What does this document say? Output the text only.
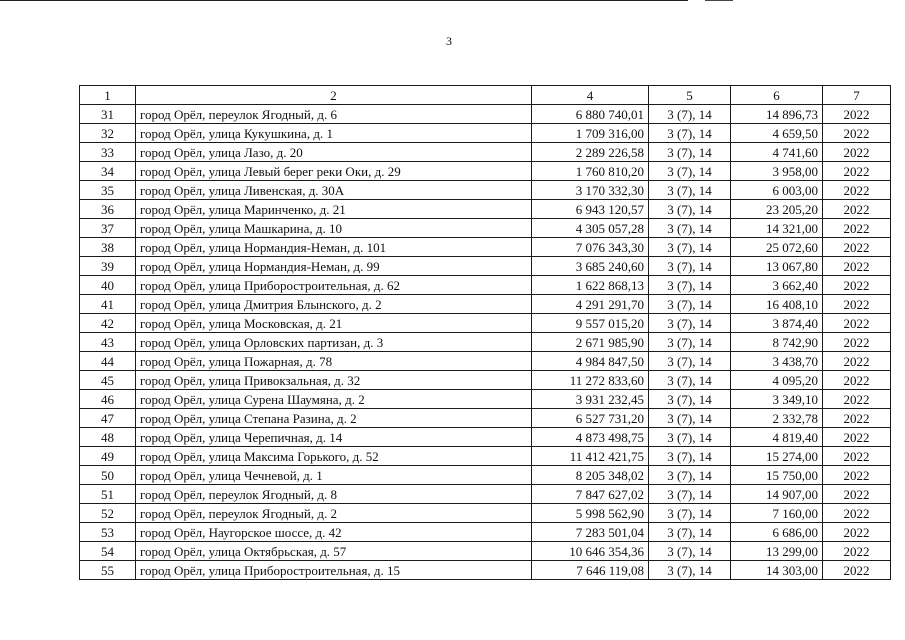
3
1	2	4	5	6	7
31	город Орёл, переулок Ягодный, д. 6	6 880 740,01	3 (7), 14	14 896,73	2022
32	город Орёл, улица Кукушкина, д. 1	1 709 316,00	3 (7), 14	4 659,50	2022
33	город Орёл, улица Лазо, д. 20	2 289 226,58	3 (7), 14	4 741,60	2022
34	город Орёл, улица Левый берег реки Оки, д. 29	1 760 810,20	3 (7), 14	3 958,00	2022
35	город Орёл, улица Ливенская, д. 30А	3 170 332,30	3 (7), 14	6 003,00	2022
36	город Орёл, улица Маринченко, д. 21	6 943 120,57	3 (7), 14	23 205,20	2022
37	город Орёл, улица Машкарина, д. 10	4 305 057,28	3 (7), 14	14 321,00	2022
38	город Орёл, улица Нормандия-Неман, д. 101	7 076 343,30	3 (7), 14	25 072,60	2022
39	город Орёл, улица Нормандия-Неман, д. 99	3 685 240,60	3 (7), 14	13 067,80	2022
40	город Орёл, улица Приборостроительная, д. 62	1 622 868,13	3 (7), 14	3 662,40	2022
41	город Орёл, улица Дмитрия Блынского, д. 2	4 291 291,70	3 (7), 14	16 408,10	2022
42	город Орёл, улица Московская, д. 21	9 557 015,20	3 (7), 14	3 874,40	2022
43	город Орёл, улица Орловских партизан, д. 3	2 671 985,90	3 (7), 14	8 742,90	2022
44	город Орёл, улица Пожарная, д. 78	4 984 847,50	3 (7), 14	3 438,70	2022
45	город Орёл, улица Привокзальная, д. 32	11 272 833,60	3 (7), 14	4 095,20	2022
46	город Орёл, улица Сурена Шаумяна, д. 2	3 931 232,45	3 (7), 14	3 349,10	2022
47	город Орёл, улица Степана Разина, д. 2	6 527 731,20	3 (7), 14	2 332,78	2022
48	город Орёл, улица Черепичная, д. 14	4 873 498,75	3 (7), 14	4 819,40	2022
49	город Орёл, улица Максима Горького, д. 52	11 412 421,75	3 (7), 14	15 274,00	2022
50	город Орёл, улица Чечневой, д. 1	8 205 348,02	3 (7), 14	15 750,00	2022
51	город Орёл, переулок Ягодный, д. 8	7 847 627,02	3 (7), 14	14 907,00	2022
52	город Орёл, переулок Ягодный, д. 2	5 998 562,90	3 (7), 14	7 160,00	2022
53	город Орёл, Наугорское шоссе, д. 42	7 283 501,04	3 (7), 14	6 686,00	2022
54	город Орёл, улица Октябрьская, д. 57	10 646 354,36	3 (7), 14	13 299,00	2022
55	город Орёл, улица Приборостроительная, д. 15	7 646 119,08	3 (7), 14	14 303,00	2022
